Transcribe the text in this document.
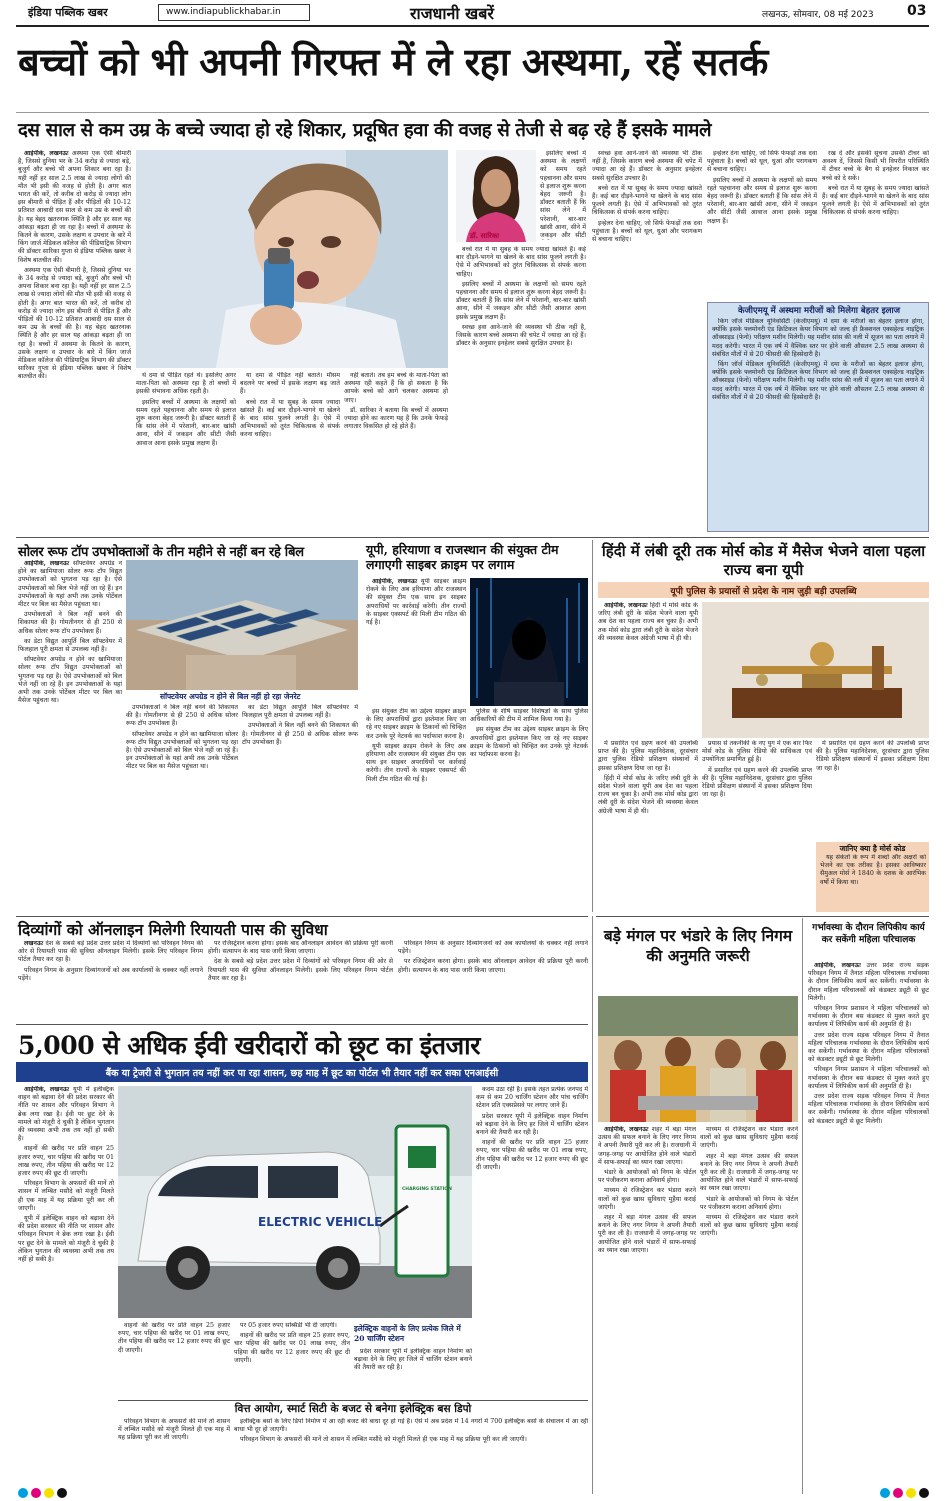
इंडिया पब्लिक खबर	www.indiapublickhabar.in	राजधानी खबरें	लखनऊ, सोमवार, 08 मई 2023 03
बच्चों को भी अपनी गिरफ्त में ले रहा अस्थमा, रहें सतर्क
दस साल से कम उम्र के बच्चे ज्यादा हो रहे शिकार, प्रदूषित हवा की वजह से तेजी से बढ़ रहे हैं इसके मामले

आईपीके, लखनऊः अस्थमा एक ऐसी बीमारी है, जिससे दुनिया भर के 34 करोड़ से ज्यादा बड़े, बुजुर्ग और बच्चे भी अपना शिकार बना रहा है। यही नहीं हर साल 2.5 लाख से ज्यादा लोगों की मौत भी इसी की वजह से होती है। अगर बात भारत की करें, तो करीब दो करोड़ से ज्यादा लोग इस बीमारी से पीड़ित हैं और पीड़ितों की 10-12 प्रतिशत आबादी दस साल से कम उम्र के बच्चों की है। यह बेहद खतरनाक स्थिति है और हर साल यह आंकड़ा बढ़ता ही जा रहा है। बच्चों में अस्थमा के कितने के कारण, उसके लक्षण व उपचार के बारे में किंग जार्ज मेडिकल कॉलेज की पीडियाट्रिक विभाग की डॉक्टर सारिका गुप्ता से इंडिया पब्लिक खबर ने विशेष बातचीत की।

अस्थमा एक ऐसी बीमारी है, जिससे दुनिया भर के 34 करोड़ से ज्यादा बड़े, बुजुर्ग और बच्चे भी अपना शिकार बना रहा है। यही नहीं हर साल 2.5 लाख से ज्यादा लोगों की मौत भी इसी की वजह से होती है। अगर बात भारत की करें, तो करीब दो करोड़ से ज्यादा लोग इस बीमारी से पीड़ित हैं और पीड़ितों की 10-12 प्रतिशत आबादी दस साल से कम उम्र के बच्चों की है। यह बेहद खतरनाक स्थिति है और हर साल यह आंकड़ा बढ़ता ही जा रहा है। बच्चों में अस्थमा के कितने के कारण, उसके लक्षण व उपचार के बारे में किंग जार्ज मेडिकल कॉलेज की पीडियाट्रिक विभाग की डॉक्टर सारिका गुप्ता से इंडिया पब्लिक खबर ने विशेष बातचीत की।

डॉ. सारिका

इसलिए बच्चों में अस्थमा के लक्षणों को समय रहते पहचानना और समय से इलाज शुरू करना बेहद जरूरी है। डॉक्टर बताती हैं कि सांस लेने में परेशानी, बार-बार खांसी आना, सीने में जकड़न और सीटी

बच्चे रात में या सुबह के समय ज्यादा खांसते हैं। कई बार दौड़ने-भागने या खेलने के बाद सांस फूलने लगती है। ऐसे में अभिभावकों को तुरंत चिकित्सक से संपर्क करना चाहिए।

इसलिए बच्चों में अस्थमा के लक्षणों को समय रहते पहचानना और समय से इलाज शुरू करना बेहद जरूरी है। डॉक्टर बताती हैं कि सांस लेने में परेशानी, बार-बार खांसी आना, सीने में जकड़न और सीटी जैसी आवाज आना इसके प्रमुख लक्षण हैं।

स्वच्छ हवा आने-जाने की व्यवस्था भी ठीक नहीं है, जिसके कारण बच्चे अस्थमा की चपेट में ज्यादा आ रहे हैं। डॉक्टर के अनुसार इनहेलर सबसे सुरक्षित उपचार है।

स्वच्छ हवा आने-जाने की व्यवस्था भी ठीक नहीं है, जिसके कारण बच्चे अस्थमा की चपेट में ज्यादा आ रहे हैं। डॉक्टर के अनुसार इनहेलर सबसे सुरक्षित उपचार है।

बच्चे रात में या सुबह के समय ज्यादा खांसते हैं। कई बार दौड़ने-भागने या खेलने के बाद सांस फूलने लगती है। ऐसे में अभिभावकों को तुरंत चिकित्सक से संपर्क करना चाहिए।

इन्हेलर देना चाहिए, जो सिर्फ फेफड़ों तक दवा पहुंचाता है। बच्चों को धूल, धुआं और परागकण से बचाना चाहिए।

इन्हेलर देना चाहिए, जो सिर्फ फेफड़ों तक दवा पहुंचाता है। बच्चों को धूल, धुआं और परागकण से बचाना चाहिए।

इसलिए बच्चों में अस्थमा के लक्षणों को समय रहते पहचानना और समय से इलाज शुरू करना बेहद जरूरी है। डॉक्टर बताती हैं कि सांस लेने में परेशानी, बार-बार खांसी आना, सीने में जकड़न और सीटी जैसी आवाज आना इसके प्रमुख लक्षण हैं।

रख दें और इसकी सूचना उसकी टीचर को अवश्य दें, जिससे किसी भी विपरीत परिस्थिति में टीचर बच्चे के बैग से इनहेलर निकाल कर बच्चे को दे सकें।

बच्चे रात में या सुबह के समय ज्यादा खांसते हैं। कई बार दौड़ने-भागने या खेलने के बाद सांस फूलने लगती है। ऐसे में अभिभावकों को तुरंत चिकित्सक से संपर्क करना चाहिए।

केजीएमयू में अस्थमा मरीजों को मिलेगा बेहतर इलाज

किंग जॉर्ज मेडिकल यूनिवर्सिटी (केजीएमयू) में दमा के मरीजों का बेहतर इलाज होगा, क्योंकि इसके फ्लमोनरी एंड क्रिटिकल केयर विभाग को जल्द ही फ्रैक्शनल एक्सहेल्ड नाइट्रिक ऑक्साइड (फेनो) परीक्षण मशीन मिलेगी। यह मशीन सांस की नली में सूजन का पता लगाने में मदद करेगी। भारत में एक वर्ष में वैश्विक स्तर पर होने वाली औसतन 2.5 लाख अस्थमा से संबंधित मौतों में से 20 फीसदी की हिस्सेदारी है।

किंग जॉर्ज मेडिकल यूनिवर्सिटी (केजीएमयू) में दमा के मरीजों का बेहतर इलाज होगा, क्योंकि इसके फ्लमोनरी एंड क्रिटिकल केयर विभाग को जल्द ही फ्रैक्शनल एक्सहेल्ड नाइट्रिक ऑक्साइड (फेनो) परीक्षण मशीन मिलेगी। यह मशीन सांस की नली में सूजन का पता लगाने में मदद करेगी। भारत में एक वर्ष में वैश्विक स्तर पर होने वाली औसतन 2.5 लाख अस्थमा से संबंधित मौतों में से 20 फीसदी की हिस्सेदारी है।

थे दमा से पीड़ित रहते थे। इसलिए अगर माता-पिता को अस्थमा रहा है तो बच्चों में इसकी संभावना अधिक रहती है।

इसलिए बच्चों में अस्थमा के लक्षणों को समय रहते पहचानना और समय से इलाज शुरू करना बेहद जरूरी है। डॉक्टर बताती हैं कि सांस लेने में परेशानी, बार-बार खांसी आना, सीने में जकड़न और सीटी जैसी आवाज आना इसके प्रमुख लक्षण हैं।

या दमा से पीड़ित नहीं बताते। मौसम बदलने पर बच्चों में इसके लक्षण बढ़ जाते हैं।

बच्चे रात में या सुबह के समय ज्यादा खांसते हैं। कई बार दौड़ने-भागने या खेलने के बाद सांस फूलने लगती है। ऐसे में अभिभावकों को तुरंत चिकित्सक से संपर्क करना चाहिए।

नहीं बताते। तब हम बच्चे के माता-पिता को अस्थमा रही कहते हैं कि हो सकता है कि आपके बच्चे को आगे चलकर अस्थमा हो जाए।

डॉ. सारिका ने बताया कि बच्चों में अस्थमा ज्यादा होने का कारण यह है कि उनके फेफड़े लगातार विकसित हो रहे होते हैं।

सोलर रूफ टॉप उपभोक्ताओं के तीन महीने से नहीं बन रहे बिल

आईपीके, लखनऊः सॉफ्टवेयर अपग्रेड न होने का खामियाजा सोलर रूफ टॉप विद्युत उपभोक्ताओं को भुगतना पड़ रहा है। ऐसे उपभोक्ताओं को बिल भेजे नहीं जा रहे हैं। इन उपभोक्ताओं के यहां अभी तक उनके पोर्टेबल मीटर पर बिल का मैसेज पहुंचता था।

उपभोक्ताओं ने बिल नहीं बनने की शिकायत की है। गोमतीनगर से ही 250 से अधिक सोलर रूफ टॉप उपभोक्ता हैं।

का डेटा विद्युत आपूर्ति बिल सॉफ्टवेयर में फिलहाल पूरी क्षमता से उपलब्ध नहीं है।

सॉफ्टवेयर अपग्रेड न होने का खामियाजा सोलर रूफ टॉप विद्युत उपभोक्ताओं को भुगतना पड़ रहा है। ऐसे उपभोक्ताओं को बिल भेजे नहीं जा रहे हैं। इन उपभोक्ताओं के यहां अभी तक उनके पोर्टेबल मीटर पर बिल का मैसेज पहुंचता था।	सॉफ्टवेयर अपग्रेड न होने से बिल नहीं हो रहा जेनरेट

उपभोक्ताओं ने बिल नहीं बनने की शिकायत की है। गोमतीनगर से ही 250 से अधिक सोलर रूफ टॉप उपभोक्ता हैं।

सॉफ्टवेयर अपग्रेड न होने का खामियाजा सोलर रूफ टॉप विद्युत उपभोक्ताओं को भुगतना पड़ रहा है। ऐसे उपभोक्ताओं को बिल भेजे नहीं जा रहे हैं। इन उपभोक्ताओं के यहां अभी तक उनके पोर्टेबल मीटर पर बिल का मैसेज पहुंचता था।

का डेटा विद्युत आपूर्ति बिल सॉफ्टवेयर में फिलहाल पूरी क्षमता से उपलब्ध नहीं है।

उपभोक्ताओं ने बिल नहीं बनने की शिकायत की है। गोमतीनगर से ही 250 से अधिक सोलर रूफ टॉप उपभोक्ता हैं।

यूपी, हरियाणा व राजस्थान की संयुक्त टीम लगाएगी साइबर क्राइम पर लगाम

आईपीके, लखनऊः यूपी साइबर क्राइम रोकने के लिए अब हरियाणा और राजस्थान की संयुक्त टीम एक साथ इन साइबर अपराधियों पर कार्रवाई करेगी। तीन राज्यों के साइबर एक्सपर्ट की मिली टीम गठित की गई है।

इस संयुक्त टीम का उद्देश्य साइबर क्राइम के लिए अपराधियों द्वारा इस्तेमाल किए जा रहे नए साइबर क्राइम के ठिकानों को चिन्हित कर उनके पूरे नेटवर्क का पर्दाफाश करना है।

यूपी साइबर क्राइम रोकने के लिए अब हरियाणा और राजस्थान की संयुक्त टीम एक साथ इन साइबर अपराधियों पर कार्रवाई करेगी। तीन राज्यों के साइबर एक्सपर्ट की मिली टीम गठित की गई है।

पुलिस के शीर्ष साइबर विशेषज्ञों के साथ पुलिस अधिकारियों की टीम में शामिल किया गया है।

इस संयुक्त टीम का उद्देश्य साइबर क्राइम के लिए अपराधियों द्वारा इस्तेमाल किए जा रहे नए साइबर क्राइम के ठिकानों को चिन्हित कर उनके पूरे नेटवर्क का पर्दाफाश करना है।

हिंदी में लंबी दूरी तक मोर्स कोड में मैसेज भेजने वाला पहला राज्य बना यूपी
यूपी पुलिस के प्रयासों से प्रदेश के नाम जुड़ी बड़ी उपलब्धि

आईपीके, लखनऊः हिंदी में मोर्स कोड के जरिए लंबी दूरी के संदेश भेजने वाला यूपी अब देश का पहला राज्य बन चुका है। अभी तक मोर्स कोड द्वारा लंबी दूरी के संदेश भेजने की व्यवस्था केवल अंग्रेजी भाषा में ही थी।

में प्रसारित एवं ग्रहण करने की उपलब्धि प्राप्त की है। पुलिस महानिदेशक, दूरसंचार द्वारा पुलिस रेडियो प्रशिक्षण संस्थानों में इसका प्रशिक्षण दिया जा रहा है।

हिंदी में मोर्स कोड के जरिए लंबी दूरी के संदेश भेजने वाला यूपी अब देश का पहला राज्य बन चुका है। अभी तक मोर्स कोड द्वारा लंबी दूरी के संदेश भेजने की व्यवस्था केवल अंग्रेजी भाषा में ही थी।

प्रयास से तकनीकी के नए युग में एक बार फिर मोर्स कोड के पुलिस रेडियो की साधिकता एवं उपयोगिता प्रमाणित हुई है।

में प्रसारित एवं ग्रहण करने की उपलब्धि प्राप्त की है। पुलिस महानिदेशक, दूरसंचार द्वारा पुलिस रेडियो प्रशिक्षण संस्थानों में इसका प्रशिक्षण दिया जा रहा है।

में प्रसारित एवं ग्रहण करने की उपलब्धि प्राप्त की है। पुलिस महानिदेशक, दूरसंचार द्वारा पुलिस रेडियो प्रशिक्षण संस्थानों में इसका प्रशिक्षण दिया जा रहा है।

जानिए क्या है मोर्स कोड

यह संकेतों के रूप में शब्दों और अक्षरों को भेजने का एक तरीका है। इसका आविष्कार सैमुअल मोर्स ने 1840 के दशक के आरंभिक वर्षों में किया था।

दिव्यांगों को ऑनलाइन मिलेगी रियायती पास की सुविधा

लखनऊः देश के सबसे बड़े प्रदेश उत्तर प्रदेश में दिव्यांगों को परिवहन निगम की ओर से रियायती पास की सुविधा ऑनलाइन मिलेगी। इसके लिए परिवहन निगम पोर्टल तैयार कर रहा है।

परिवहन निगम के अनुसार दिव्यांगजनों को अब कार्यालयों के चक्कर नहीं लगाने पड़ेंगे।

पर रजिस्ट्रेशन करना होगा। इसके बाद ऑनलाइन आवेदन की प्रक्रिया पूरी करनी होगी। सत्यापन के बाद पास जारी किया जाएगा।

देश के सबसे बड़े प्रदेश उत्तर प्रदेश में दिव्यांगों को परिवहन निगम की ओर से रियायती पास की सुविधा ऑनलाइन मिलेगी। इसके लिए परिवहन निगम पोर्टल तैयार कर रहा है।

परिवहन निगम के अनुसार दिव्यांगजनों को अब कार्यालयों के चक्कर नहीं लगाने पड़ेंगे।

पर रजिस्ट्रेशन करना होगा। इसके बाद ऑनलाइन आवेदन की प्रक्रिया पूरी करनी होगी। सत्यापन के बाद पास जारी किया जाएगा।

5,000 से अधिक ईवी खरीदारों को छूट का इंतजार
बैंक या ट्रेजरी से भुगतान तय नहीं कर पा रहा शासन, छह माह में छूट का पोर्टल भी तैयार नहीं कर सका एनआईसी

आईपीके, लखनऊः यूपी में इलेक्ट्रिक वाहन को बढ़ावा देने की प्रदेश सरकार की नीति पर शासन और परिवहन विभाग ने ब्रेक लगा रखा है। ईवी पर छूट देने के मामले को मंजूरी दे चुकी है लेकिन भुगतान की व्यवस्था अभी तक तय नहीं हो सकी है।

वाहनों की खरीद पर प्रति वाहन 25 हजार रुपए, चार पहिया की खरीद पर 01 लाख रुपए, तीन पहिया की खरीद पर 12 हजार रुपए की छूट दी जाएगी।

परिवहन विभाग के अफसरों की मानें तो शासन में लम्बित मसौदे को मंजूरी मिलते ही एक माह में यह प्रक्रिया पूरी कर ली जाएगी।

यूपी में इलेक्ट्रिक वाहन को बढ़ावा देने की प्रदेश सरकार की नीति पर शासन और परिवहन विभाग ने ब्रेक लगा रखा है। ईवी पर छूट देने के मामले को मंजूरी दे चुकी है लेकिन भुगतान की व्यवस्था अभी तक तय नहीं हो सकी है।

ELECTRIC VEHICLE
CHARGING STATION

कदम उठा रही है। इसके तहत प्रत्येक जनपद में कम से कम 20 चार्जिंग स्टेशन और पांच चार्जिंग स्टेशन प्रति एक्सप्रेसवे पर लगाए जाने हैं।

प्रदेश सरकार यूपी में इलेक्ट्रिक वाहन निर्माण को बढ़ावा देने के लिए हर जिले में चार्जिंग स्टेशन बनाने की तैयारी कर रही है।

वाहनों की खरीद पर प्रति वाहन 25 हजार रुपए, चार पहिया की खरीद पर 01 लाख रुपए, तीन पहिया की खरीद पर 12 हजार रुपए की छूट दी जाएगी।

वाहनों की खरीद पर प्रति वाहन 25 हजार रुपए, चार पहिया की खरीद पर 01 लाख रुपए, तीन पहिया की खरीद पर 12 हजार रुपए की छूट दी जाएगी।

पर 05 हजार रुपए सब्सिडी भी दी जाएगी।

वाहनों की खरीद पर प्रति वाहन 25 हजार रुपए, चार पहिया की खरीद पर 01 लाख रुपए, तीन पहिया की खरीद पर 12 हजार रुपए की छूट दी जाएगी।

इलेक्ट्रिक वाहनों के लिए प्रत्येक जिले में 20 चार्जिंग स्टेशन

प्रदेश सरकार यूपी में इलेक्ट्रिक वाहन निर्माण को बढ़ावा देने के लिए हर जिले में चार्जिंग स्टेशन बनाने की तैयारी कर रही है।

वित्त आयोग, स्मार्ट सिटी के बजट से बनेगा इलेक्ट्रिक बस डिपो

परिवहन विभाग के अफसरों की मानें तो शासन में लम्बित मसौदे को मंजूरी मिलते ही एक माह में यह प्रक्रिया पूरी कर ली जाएगी।

इलेक्ट्रिक बसों के लिए डिपो निर्माण में आ रही बजट की बाधा दूर हो गई है। ऐसे में अब प्रदेश में 14 नगरों में 700 इलेक्ट्रिक बसों के संचालन में आ रही बाधा भी दूर हो जाएगी।

परिवहन विभाग के अफसरों की मानें तो शासन में लम्बित मसौदे को मंजूरी मिलते ही एक माह में यह प्रक्रिया पूरी कर ली जाएगी।

बड़े मंगल पर भंडारे के लिए निगम की अनुमति जरूरी

आईपीके, लखनऊः शहर में बड़ा मंगल उत्सव की सफल बनाने के लिए नगर निगम ने अपनी तैयारी पूरी कर ली है। राजधानी में जगह-जगह पर आयोजित होने वाले भंडारों में साफ-सफाई का ध्यान रखा जाएगा।

भंडारे के आयोजकों को निगम के पोर्टल पर पंजीकरण कराना अनिवार्य होगा।

माध्यम से रजिस्ट्रेशन कर भंडारा करने वालों को कुछ खास सुविधाएं मुहैया कराई जाएंगी।

शहर में बड़ा मंगल उत्सव की सफल बनाने के लिए नगर निगम ने अपनी तैयारी पूरी कर ली है। राजधानी में जगह-जगह पर आयोजित होने वाले भंडारों में साफ-सफाई का ध्यान रखा जाएगा।

माध्यम से रजिस्ट्रेशन कर भंडारा करने वालों को कुछ खास सुविधाएं मुहैया कराई जाएंगी।

शहर में बड़ा मंगल उत्सव की सफल बनाने के लिए नगर निगम ने अपनी तैयारी पूरी कर ली है। राजधानी में जगह-जगह पर आयोजित होने वाले भंडारों में साफ-सफाई का ध्यान रखा जाएगा।

भंडारे के आयोजकों को निगम के पोर्टल पर पंजीकरण कराना अनिवार्य होगा।

माध्यम से रजिस्ट्रेशन कर भंडारा करने वालों को कुछ खास सुविधाएं मुहैया कराई जाएंगी।

गर्भावस्था के दौरान लिपिकीय कार्य कर सकेंगी महिला परिचालक

आईपीके, लखनऊः उत्तर प्रदेश राज्य सड़क परिवहन निगम में तैनात महिला परिचालक गर्भावस्था के दौरान लिपिकीय कार्य कर सकेंगी। गर्भावस्था के दौरान महिला परिचालकों को कंडक्टर ड्यूटी से छूट मिलेगी।

परिवहन निगम प्रशासन ने महिला परिचालकों को गर्भावस्था के दौरान बस कंडक्टर से मुक्त करते हुए कार्यालय में लिपिकीय कार्य की अनुमति दी है।

उत्तर प्रदेश राज्य सड़क परिवहन निगम में तैनात महिला परिचालक गर्भावस्था के दौरान लिपिकीय कार्य कर सकेंगी। गर्भावस्था के दौरान महिला परिचालकों को कंडक्टर ड्यूटी से छूट मिलेगी।

परिवहन निगम प्रशासन ने महिला परिचालकों को गर्भावस्था के दौरान बस कंडक्टर से मुक्त करते हुए कार्यालय में लिपिकीय कार्य की अनुमति दी है।

उत्तर प्रदेश राज्य सड़क परिवहन निगम में तैनात महिला परिचालक गर्भावस्था के दौरान लिपिकीय कार्य कर सकेंगी। गर्भावस्था के दौरान महिला परिचालकों को कंडक्टर ड्यूटी से छूट मिलेगी।
